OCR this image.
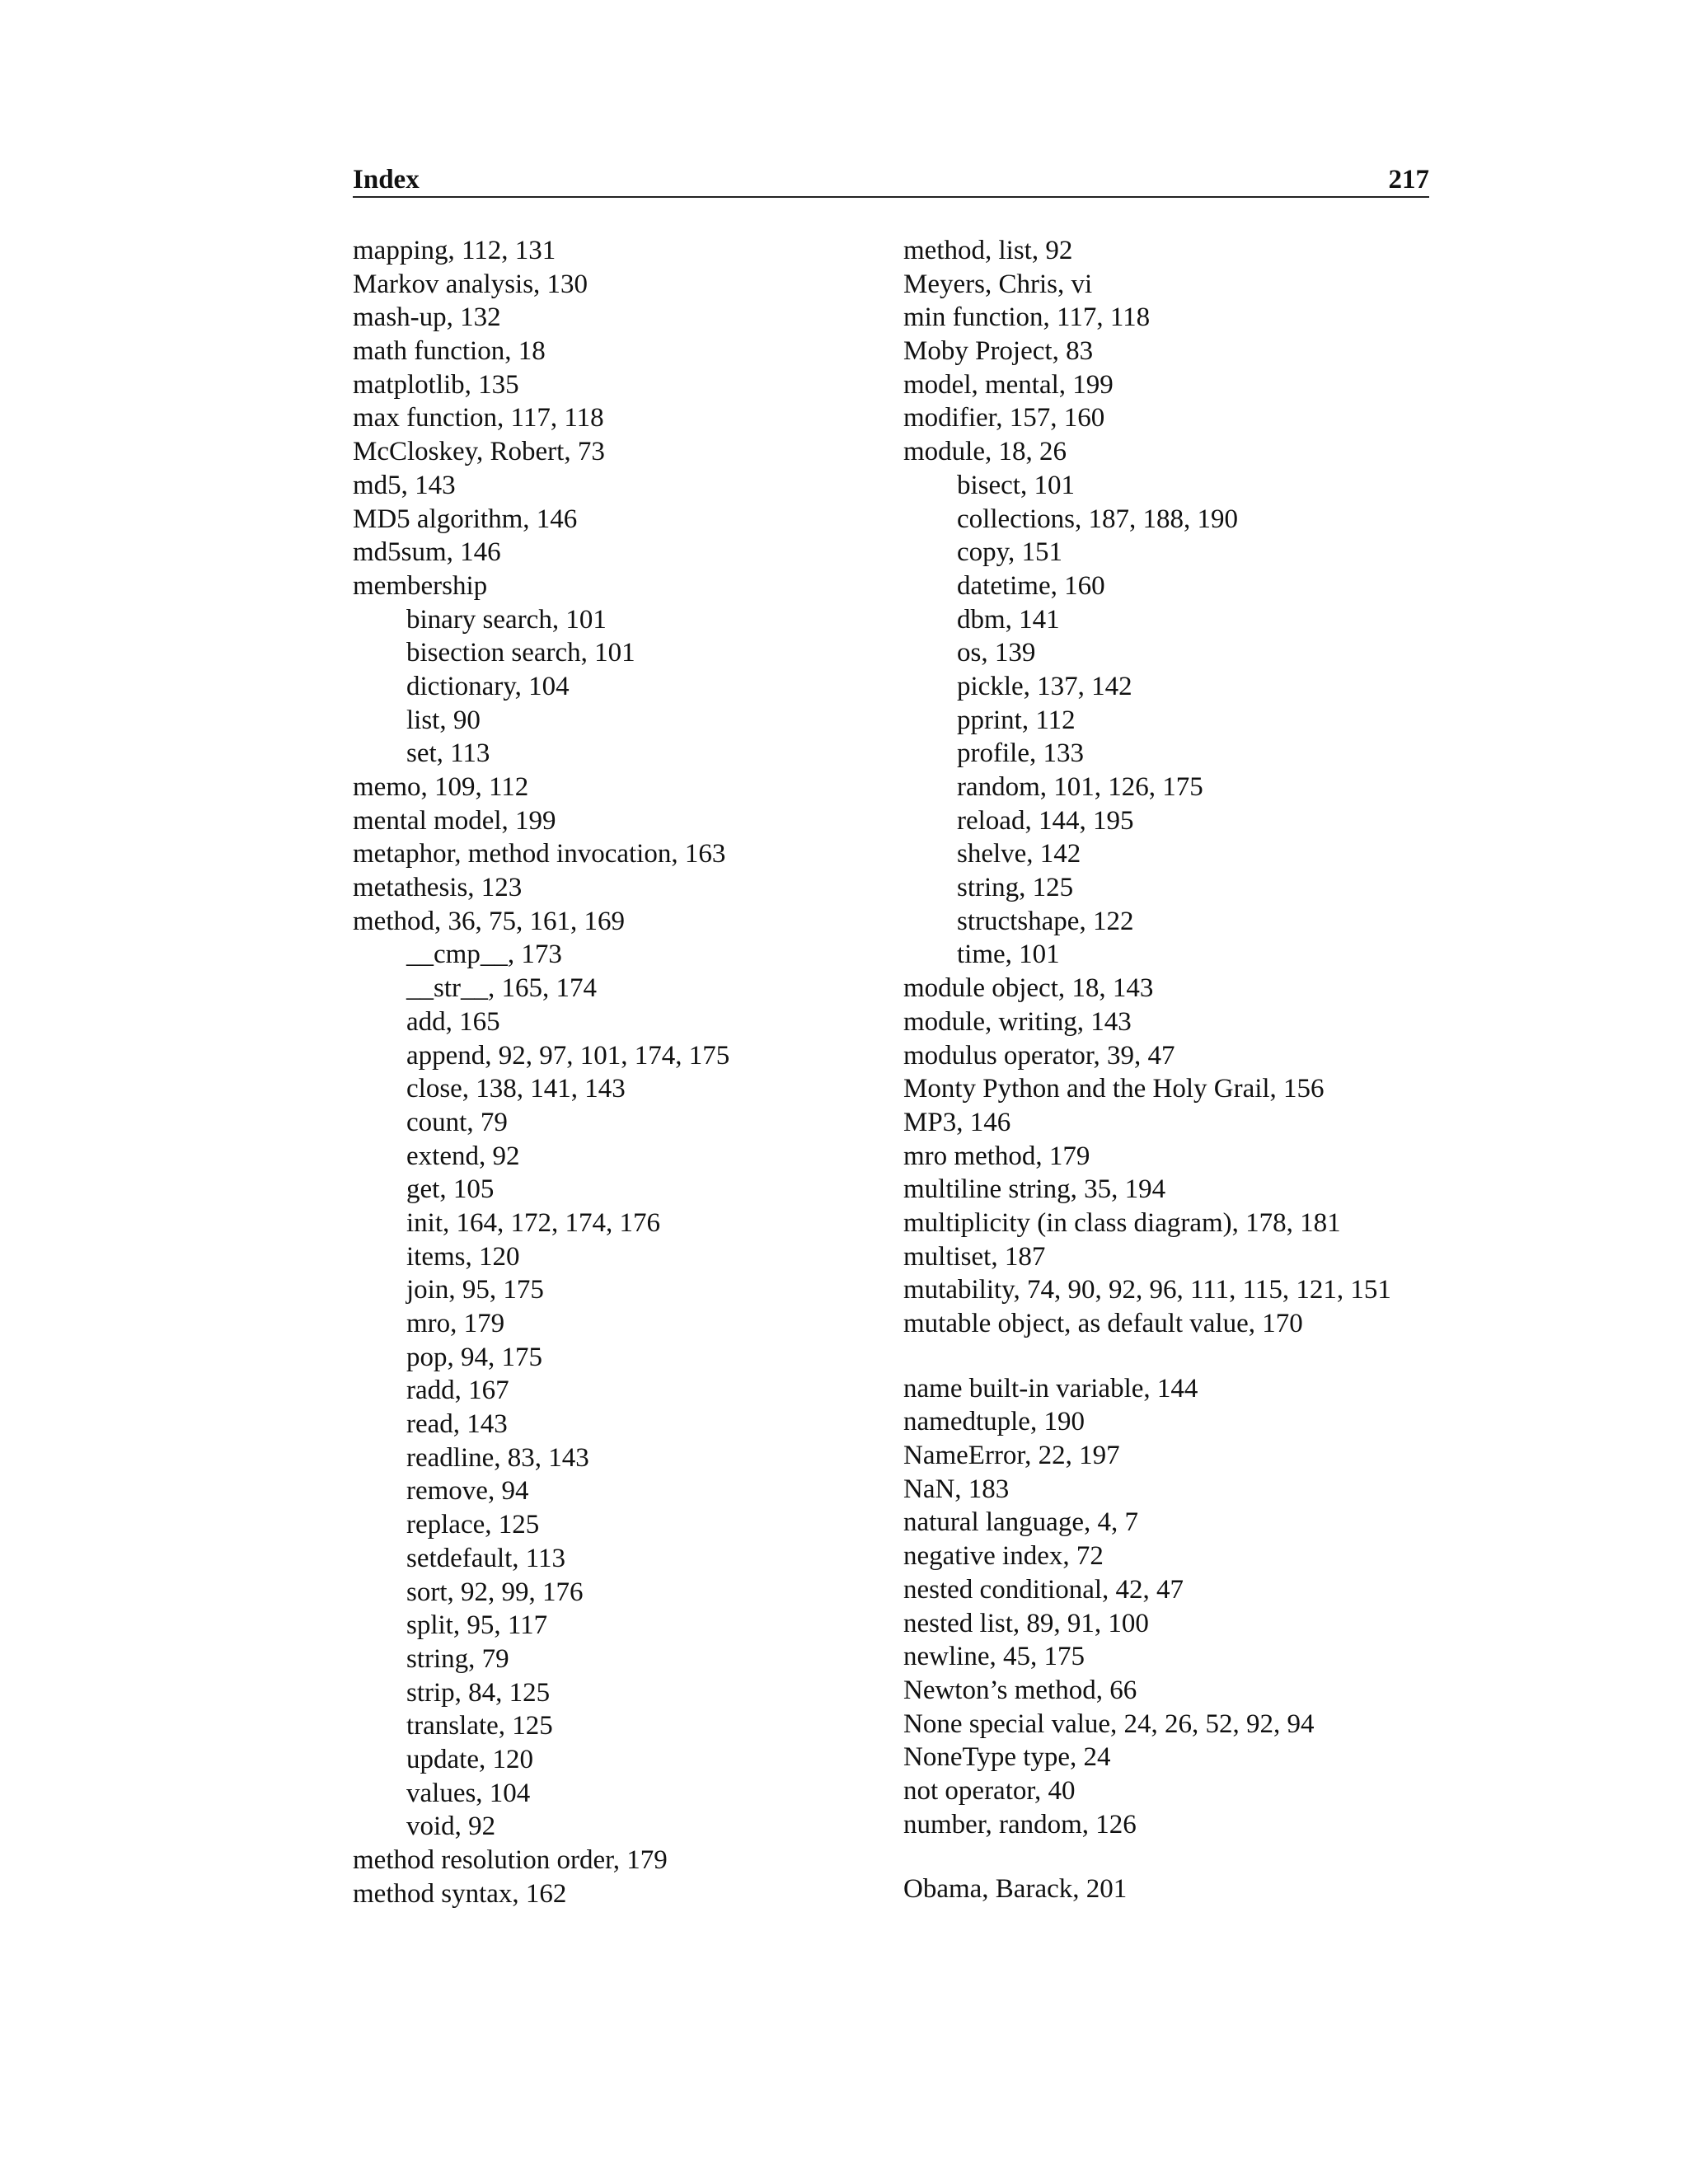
Index	217
mapping, 112, 131
Markov analysis, 130
mash-up, 132
math function, 18
matplotlib, 135
max function, 117, 118
McCloskey, Robert, 73
md5, 143
MD5 algorithm, 146
md5sum, 146
membership
binary search, 101
bisection search, 101
dictionary, 104
list, 90
set, 113
memo, 109, 112
mental model, 199
metaphor, method invocation, 163
metathesis, 123
method, 36, 75, 161, 169
__cmp__, 173
__str__, 165, 174
add, 165
append, 92, 97, 101, 174, 175
close, 138, 141, 143
count, 79
extend, 92
get, 105
init, 164, 172, 174, 176
items, 120
join, 95, 175
mro, 179
pop, 94, 175
radd, 167
read, 143
readline, 83, 143
remove, 94
replace, 125
setdefault, 113
sort, 92, 99, 176
split, 95, 117
string, 79
strip, 84, 125
translate, 125
update, 120
values, 104
void, 92
method resolution order, 179
method syntax, 162
method, list, 92
Meyers, Chris, vi
min function, 117, 118
Moby Project, 83
model, mental, 199
modifier, 157, 160
module, 18, 26
bisect, 101
collections, 187, 188, 190
copy, 151
datetime, 160
dbm, 141
os, 139
pickle, 137, 142
pprint, 112
profile, 133
random, 101, 126, 175
reload, 144, 195
shelve, 142
string, 125
structshape, 122
time, 101
module object, 18, 143
module, writing, 143
modulus operator, 39, 47
Monty Python and the Holy Grail, 156
MP3, 146
mro method, 179
multiline string, 35, 194
multiplicity (in class diagram), 178, 181
multiset, 187
mutability, 74, 90, 92, 96, 111, 115, 121, 151
mutable object, as default value, 170
name built-in variable, 144
namedtuple, 190
NameError, 22, 197
NaN, 183
natural language, 4, 7
negative index, 72
nested conditional, 42, 47
nested list, 89, 91, 100
newline, 45, 175
Newton’s method, 66
None special value, 24, 26, 52, 92, 94
NoneType type, 24
not operator, 40
number, random, 126
Obama, Barack, 201
